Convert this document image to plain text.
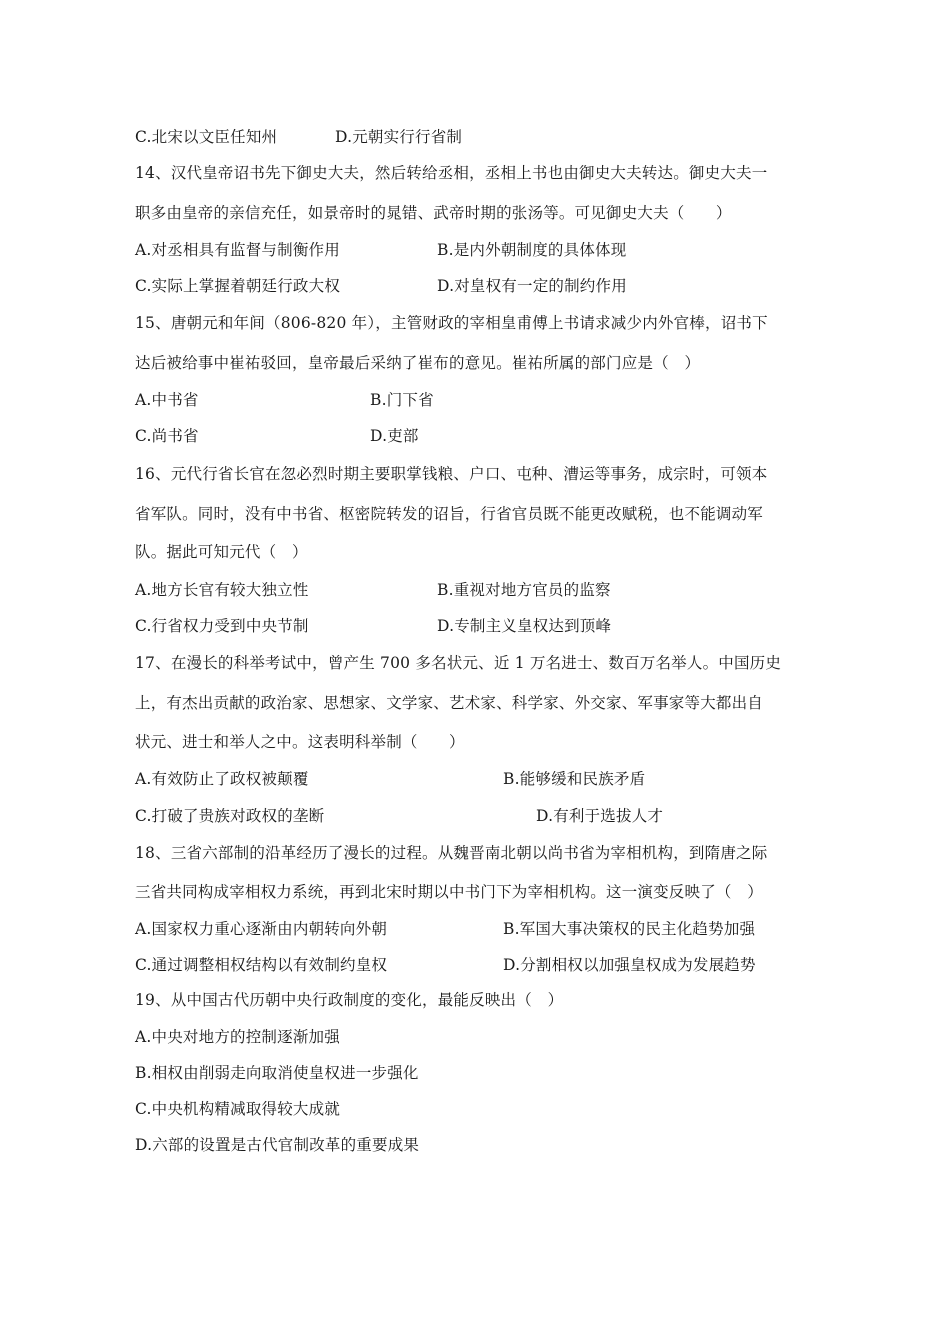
C.北宋以文臣任知州	D.元朝实行行省制
14、汉代皇帝诏书先下御史大夫，然后转给丞相，丞相上书也由御史大夫转达。御史大夫一
职多由皇帝的亲信充任，如景帝时的晁错、武帝时期的张汤等。可见御史大夫（　　）
A.对丞相具有监督与制衡作用	B.是内外朝制度的具体体现
C.实际上掌握着朝廷行政大权	D.对皇权有一定的制约作用
15、唐朝元和年间（806-820 年），主管财政的宰相皇甫傅上书请求减少内外官棒，诏书下
达后被给事中崔祐驳回，皇帝最后采纳了崔布的意见。崔祐所属的部门应是（　）
A.中书省	B.门下省
C.尚书省	D.吏部
16、元代行省长官在忽必烈时期主要职掌钱粮、户口、屯种、漕运等事务，成宗时，可领本
省军队。同时，没有中书省、枢密院转发的诏旨，行省官员既不能更改赋税，也不能调动军
队。据此可知元代（　）
A.地方长官有较大独立性	B.重视对地方官员的监察
C.行省权力受到中央节制	D.专制主义皇权达到顶峰
17、在漫长的科举考试中，曾产生 700 多名状元、近 1 万名进士、数百万名举人。中国历史
上，有杰出贡献的政治家、思想家、文学家、艺术家、科学家、外交家、军事家等大都出自
状元、进士和举人之中。这表明科举制（　　）
A.有效防止了政权被颠覆	B.能够缓和民族矛盾
C.打破了贵族对政权的垄断	D.有利于选拔人才
18、三省六部制的沿革经历了漫长的过程。从魏晋南北朝以尚书省为宰相机构，到隋唐之际
三省共同构成宰相权力系统，再到北宋时期以中书门下为宰相机构。这一演变反映了（　）
A.国家权力重心逐渐由内朝转向外朝	B.军国大事决策权的民主化趋势加强
C.通过调整相权结构以有效制约皇权	D.分割相权以加强皇权成为发展趋势
19、从中国古代历朝中央行政制度的变化，最能反映出（　）
A.中央对地方的控制逐渐加强
B.相权由削弱走向取消使皇权进一步强化
C.中央机构精减取得较大成就
D.六部的设置是古代官制改革的重要成果
